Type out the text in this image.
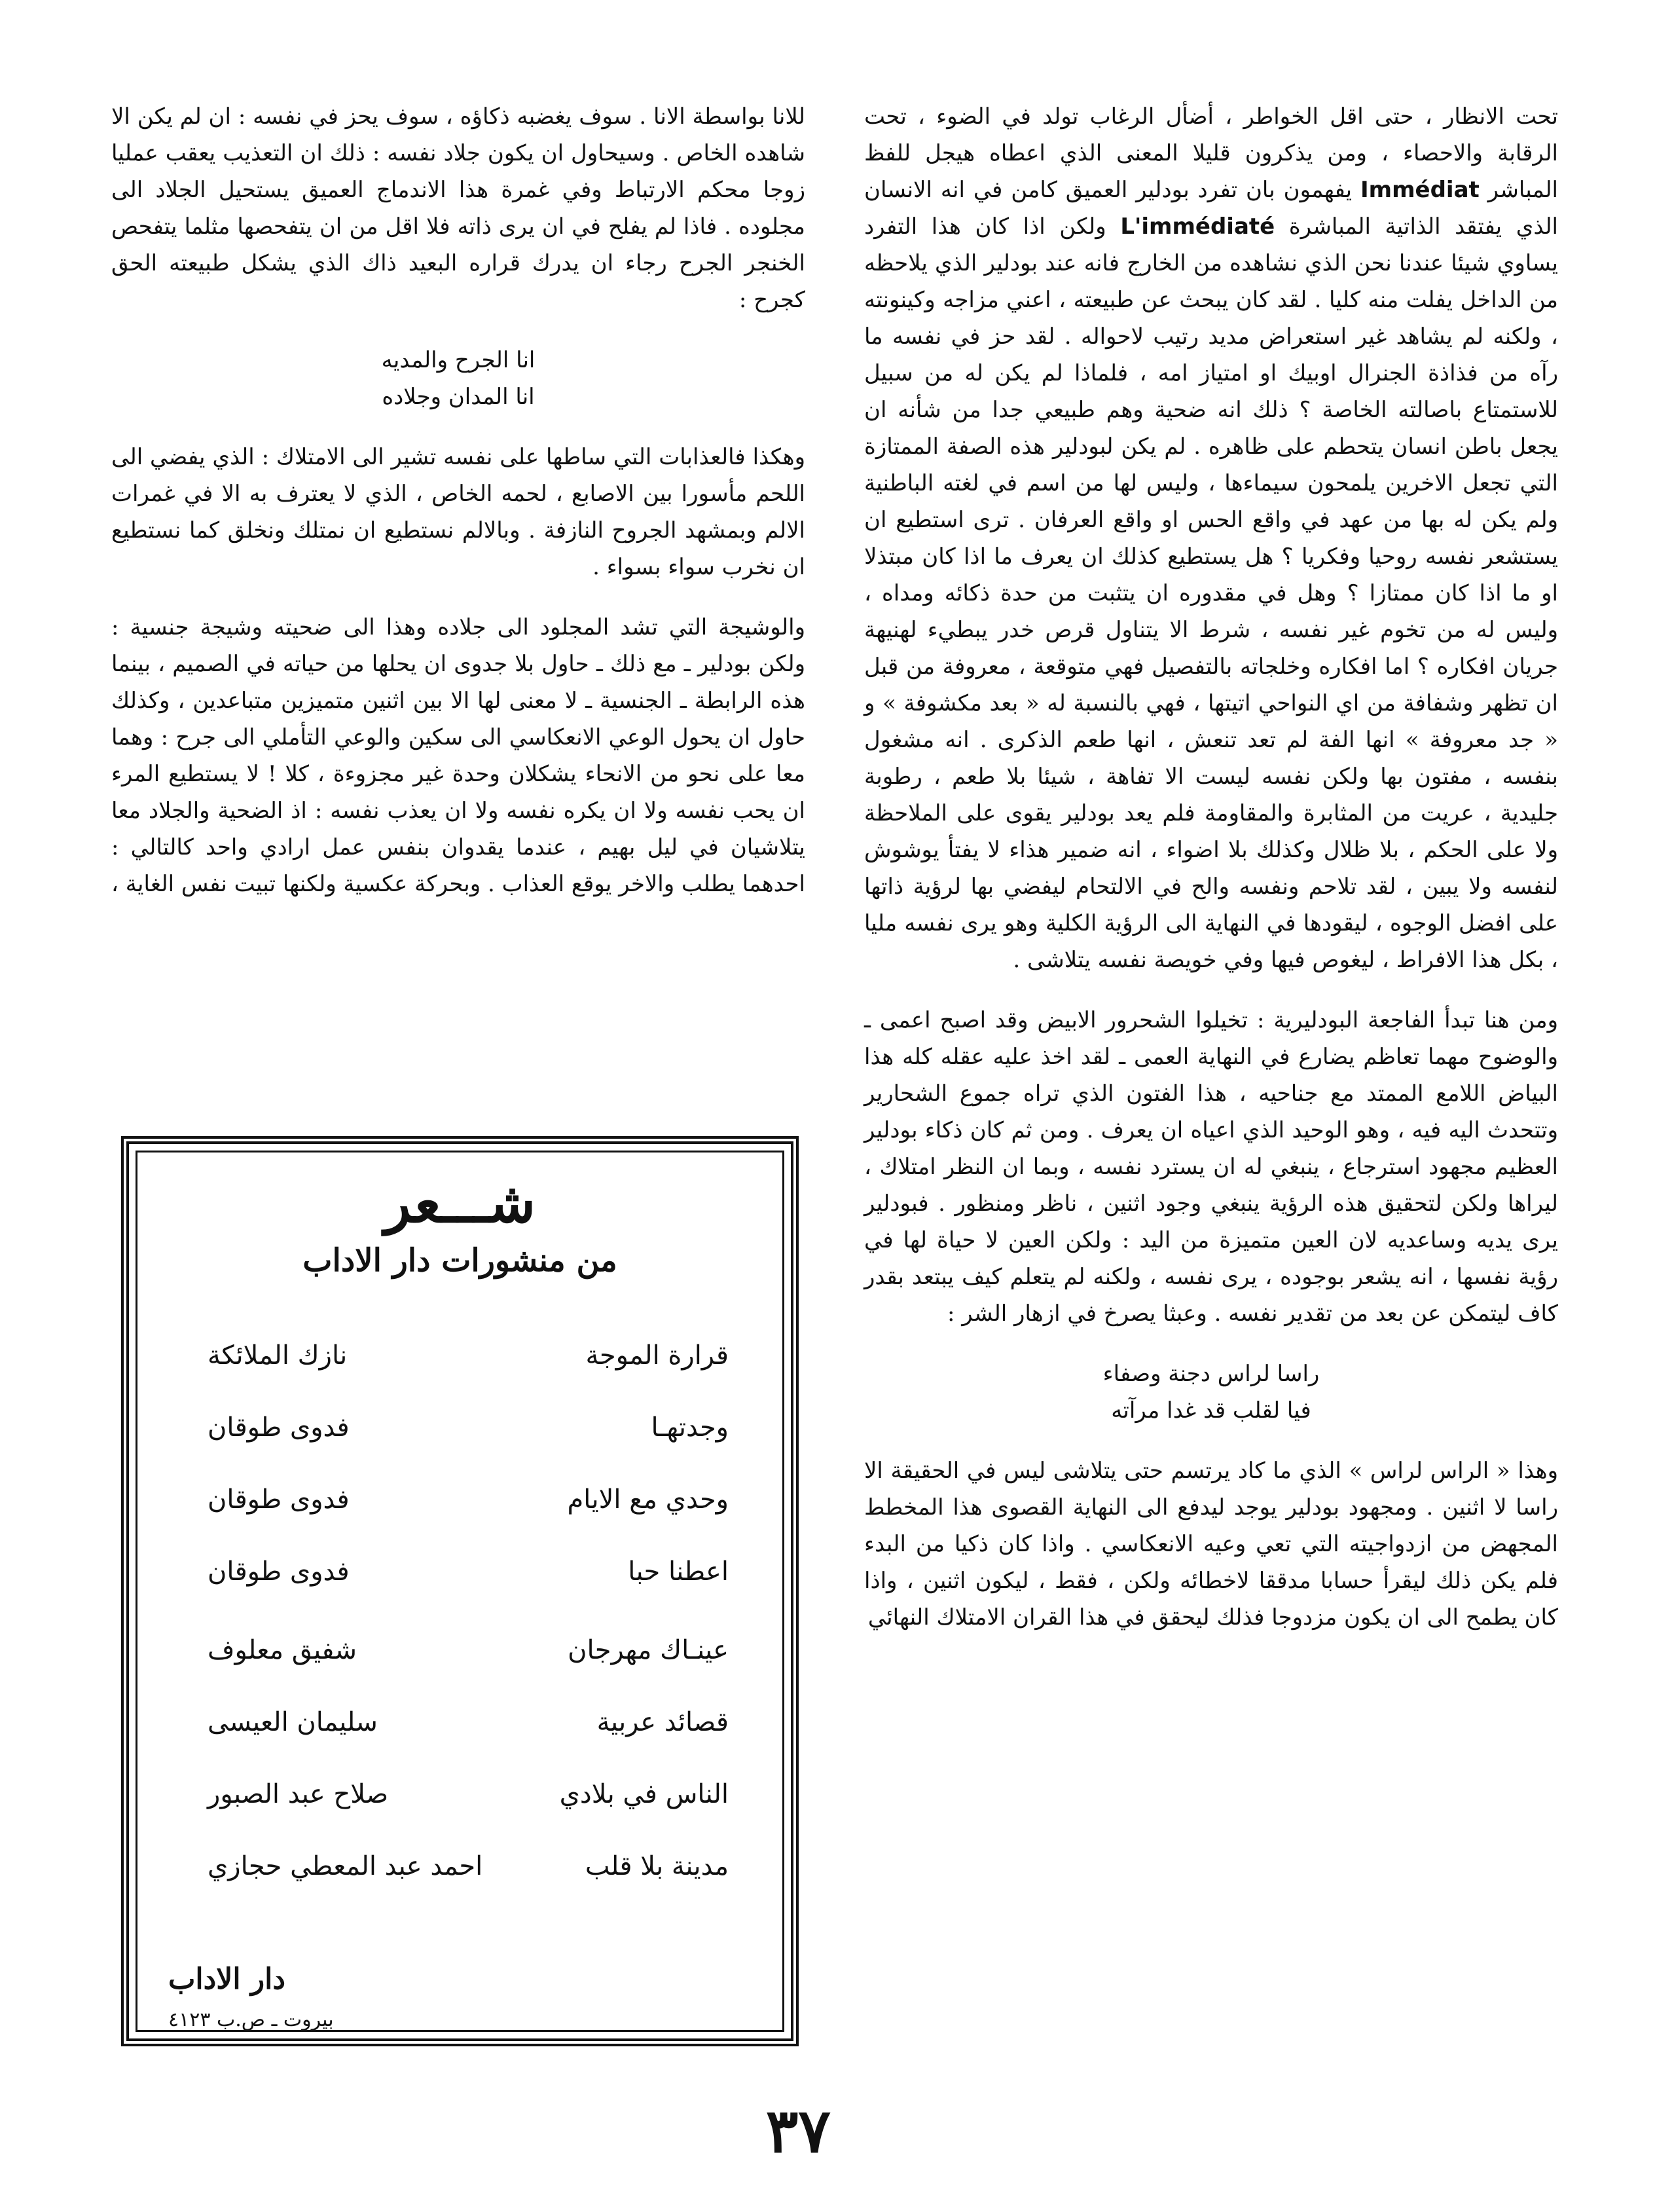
تحت الانظار ، حتى اقل الخواطر ، أضأل الرغاب تولد في الضوء ، تحت الرقابة والاحصاء ، ومن يذكرون قليلا المعنى الذي اعطاه هيجل للفظ المباشر Immédiat يفهمون بان تفرد بودلير العميق كامن في انه الانسان الذي يفتقد الذاتية المباشرة L'immédiaté ولكن اذا كان هذا التفرد يساوي شيئا عندنا نحن الذي نشاهده من الخارج فانه عند بودلير الذي يلاحظه من الداخل يفلت منه كليا . لقد كان يبحث عن طبيعته ، اعني مزاجه وكينونته ، ولكنه لم يشاهد غير استعراض مديد رتيب لاحواله . لقد حز في نفسه ما رآه من فذاذة الجنرال اوبيك او امتياز امه ، فلماذا لم يكن له من سبيل للاستمتاع باصالته الخاصة ؟ ذلك انه ضحية وهم طبيعي جدا من شأنه ان يجعل باطن انسان يتحطم على ظاهره . لم يكن لبودلير هذه الصفة الممتازة التي تجعل الاخرين يلمحون سيماءها ، وليس لها من اسم في لغته الباطنية ولم يكن له بها من عهد في واقع الحس او واقع العرفان . ترى استطيع ان يستشعر نفسه روحيا وفكريا ؟ هل يستطيع كذلك ان يعرف ما اذا كان مبتذلا او ما اذا كان ممتازا ؟ وهل في مقدوره ان يتثبت من حدة ذكائه ومداه ، وليس له من تخوم غير نفسه ، شرط الا يتناول قرص خدر يبطيء لهنيهة جريان افكاره ؟ اما افكاره وخلجاته بالتفصيل فهي متوقعة ، معروفة من قبل ان تظهر وشفافة من اي النواحي اتيتها ، فهي بالنسبة له « بعد مكشوفة » و « جد معروفة » انها الفة لم تعد تنعش ، انها طعم الذكرى . انه مشغول بنفسه ، مفتون بها ولكن نفسه ليست الا تفاهة ، شيئا بلا طعم ، رطوبة جليدية ، عريت من المثابرة والمقاومة فلم يعد بودلير يقوى على الملاحظة ولا على الحكم ، بلا ظلال وكذلك بلا اضواء ، انه ضمير هذاء لا يفتأ يوشوش لنفسه ولا يبين ، لقد تلاحم ونفسه والح في الالتحام ليفضي بها لرؤية ذاتها على افضل الوجوه ، ليقودها في النهاية الى الرؤية الكلية وهو يرى نفسه مليا ، بكل هذا الافراط ، ليغوص فيها وفي خويصة نفسه يتلاشى .

ومن هنا تبدأ الفاجعة البودليرية : تخيلوا الشحرور الابيض وقد اصبح اعمى ـ والوضوح مهما تعاظم يضارع في النهاية العمى ـ لقد اخذ عليه عقله كله هذا البياض اللامع الممتد مع جناحيه ، هذا الفتون الذي تراه جموع الشحارير وتتحدث اليه فيه ، وهو الوحيد الذي اعياه ان يعرف . ومن ثم كان ذكاء بودلير العظيم مجهود استرجاع ، ينبغي له ان يسترد نفسه ، وبما ان النظر امتلاك ، ليراها ولكن لتحقيق هذه الرؤية ينبغي وجود اثنين ، ناظر ومنظور . فبودلير يرى يديه وساعديه لان العين متميزة من اليد : ولكن العين لا حياة لها في رؤية نفسها ، انه يشعر بوجوده ، يرى نفسه ، ولكنه لم يتعلم كيف يبتعد بقدر كاف ليتمكن عن بعد من تقدير نفسه . وعبثا يصرخ في ازهار الشر :

راسا لراس دجنة وصفاء
فيا لقلب قد غدا مرآته

وهذا « الراس لراس » الذي ما كاد يرتسم حتى يتلاشى ليس في الحقيقة الا راسا لا اثنين . ومجهود بودلير يوجد ليدفع الى النهاية القصوى هذا المخطط المجهض من ازدواجيته التي تعي وعيه الانعكاسي . واذا كان ذكيا من البدء فلم يكن ذلك ليقرأ حسابا مدققا لاخطائه ولكن ، فقط ، ليكون اثنين ، واذا كان يطمح الى ان يكون مزدوجا فذلك ليحقق في هذا القران الامتلاك النهائي

للانا بواسطة الانا . سوف يغضبه ذكاؤه ، سوف يحز في نفسه : ان لم يكن الا شاهده الخاص . وسيحاول ان يكون جلاد نفسه : ذلك ان التعذيب يعقب عمليا زوجا محكم الارتباط وفي غمرة هذا الاندماج العميق يستحيل الجلاد الى مجلوده . فاذا لم يفلح في ان يرى ذاته فلا اقل من ان يتفحصها مثلما يتفحص الخنجر الجرح رجاء ان يدرك قراره البعيد ذاك الذي يشكل طبيعته الحق كجرح :

انا الجرح والمديه
انا المدان وجلاده

وهكذا فالعذابات التي ساطها على نفسه تشير الى الامتلاك : الذي يفضي الى اللحم مأسورا بين الاصابع ، لحمه الخاص ، الذي لا يعترف به الا في غمرات الالم وبمشهد الجروح النازفة . وبالالم نستطيع ان نمتلك ونخلق كما نستطيع ان نخرب سواء بسواء .

والوشيجة التي تشد المجلود الى جلاده وهذا الى ضحيته وشيجة جنسية : ولكن بودلير ـ مع ذلك ـ حاول بلا جدوى ان يحلها من حياته في الصميم ، بينما هذه الرابطة ـ الجنسية ـ لا معنى لها الا بين اثنين متميزين متباعدين ، وكذلك حاول ان يحول الوعي الانعكاسي الى سكين والوعي التأملي الى جرح : وهما معا على نحو من الانحاء يشكلان وحدة غير مجزوءة ، كلا ! لا يستطيع المرء ان يحب نفسه ولا ان يكره نفسه ولا ان يعذب نفسه : اذ الضحية والجلاد معا يتلاشيان في ليل بهيم ، عندما يقدوان بنفس عمل ارادي واحد كالتالي : احدهما يطلب والاخر يوقع العذاب . وبحركة عكسية ولكنها تبيت نفس الغاية ،

شـــعر
من منشورات دار الاداب
قرارة الموجة
نازك الملائكة
وجدتهـا
فدوى طوقان
وحدي مع الايام
فدوى طوقان
اعطنا حبا
فدوى طوقان
عينـاك مهرجان
شفيق معلوف
قصائد عربية
سليمان العيسى
الناس في بلادي
صلاح عبد الصبور
مدينة بلا قلب
احمد عبد المعطي حجازي
دار الاداب
بيروت ـ ص.ب ٤١٢٣
٣٧
